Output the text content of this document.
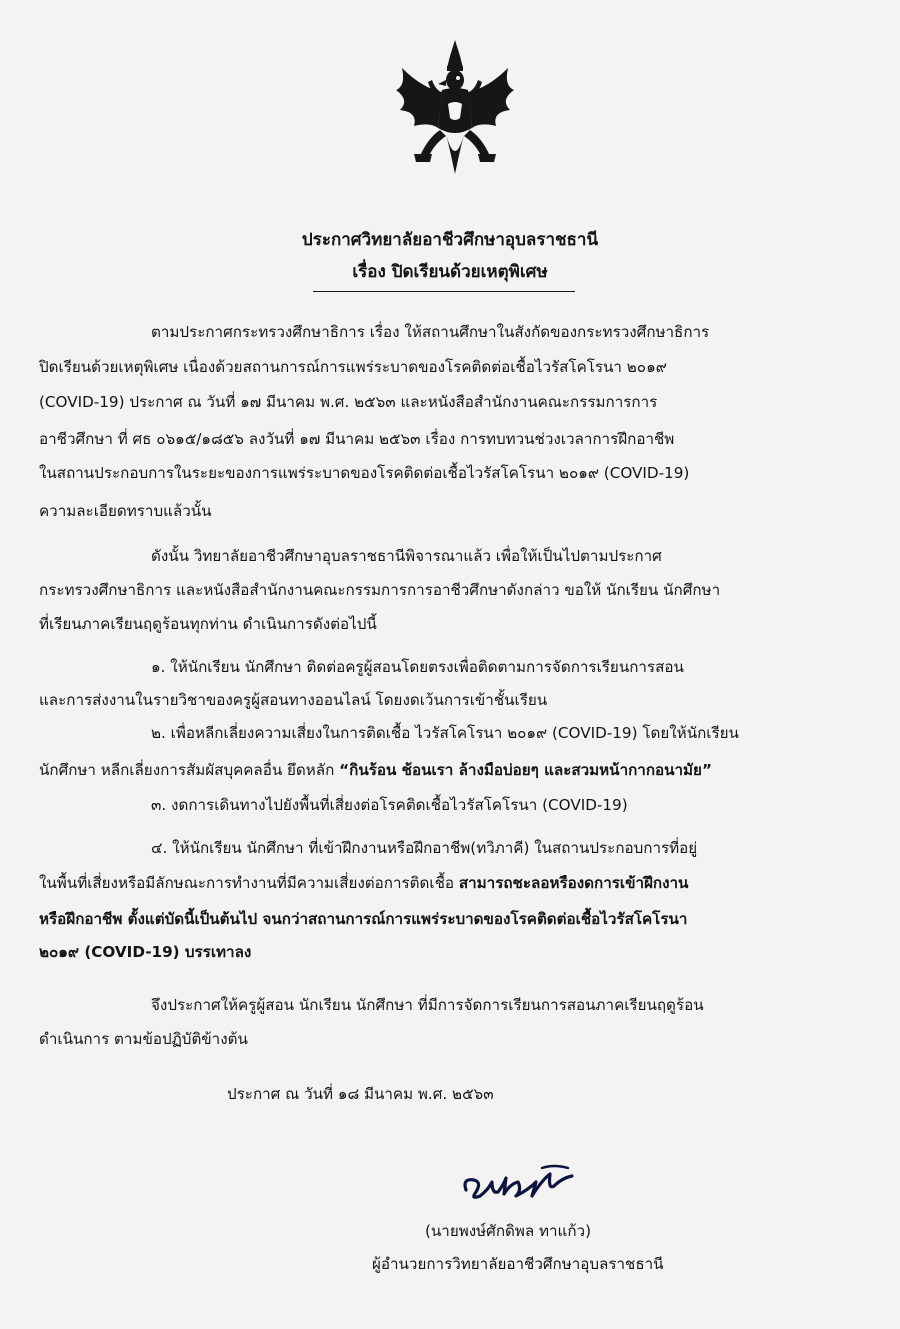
ประกาศวิทยาลัยอาชีวศึกษาอุบลราชธานี
เรื่อง ปิดเรียนด้วยเหตุพิเศษ
ตามประกาศกระทรวงศึกษาธิการ เรื่อง ให้สถานศึกษาในสังกัดของกระทรวงศึกษาธิการ
ปิดเรียนด้วยเหตุพิเศษ เนื่องด้วยสถานการณ์การแพร่ระบาดของโรคติดต่อเชื้อไวรัสโคโรนา ๒๐๑๙
(COVID-19) ประกาศ ณ วันที่ ๑๗ มีนาคม พ.ศ. ๒๕๖๓ และหนังสือสำนักงานคณะกรรมการการ
อาชีวศึกษา ที่ ศธ ๐๖๑๕/๑๘๕๖ ลงวันที่ ๑๗ มีนาคม ๒๕๖๓ เรื่อง การทบทวนช่วงเวลาการฝึกอาชีพ
ในสถานประกอบการในระยะของการแพร่ระบาดของโรคติดต่อเชื้อไวรัสโคโรนา ๒๐๑๙ (COVID-19)
ความละเอียดทราบแล้วนั้น
ดังนั้น วิทยาลัยอาชีวศึกษาอุบลราชธานีพิจารณาแล้ว เพื่อให้เป็นไปตามประกาศ
กระทรวงศึกษาธิการ และหนังสือสำนักงานคณะกรรมการการอาชีวศึกษาดังกล่าว ขอให้ นักเรียน นักศึกษา
ที่เรียนภาคเรียนฤดูร้อนทุกท่าน ดำเนินการดังต่อไปนี้
๑. ให้นักเรียน นักศึกษา ติดต่อครูผู้สอนโดยตรงเพื่อติดตามการจัดการเรียนการสอน
และการส่งงานในรายวิชาของครูผู้สอนทางออนไลน์ โดยงดเว้นการเข้าชั้นเรียน
๒. เพื่อหลีกเลี่ยงความเสี่ยงในการติดเชื้อ ไวรัสโคโรนา ๒๐๑๙ (COVID-19) โดยให้นักเรียน
นักศึกษา หลีกเลี่ยงการสัมผัสบุคคลอื่น ยึดหลัก “กินร้อน ช้อนเรา ล้างมือบ่อยๆ และสวมหน้ากากอนามัย”
๓. งดการเดินทางไปยังพื้นที่เสี่ยงต่อโรคติดเชื้อไวรัสโคโรนา (COVID-19)
๔. ให้นักเรียน นักศึกษา ที่เข้าฝึกงานหรือฝึกอาชีพ(ทวิภาคี) ในสถานประกอบการที่อยู่
ในพื้นที่เสี่ยงหรือมีลักษณะการทำงานที่มีความเสี่ยงต่อการติดเชื้อ สามารถชะลอหรืองดการเข้าฝึกงาน
หรือฝึกอาชีพ ตั้งแต่บัดนี้เป็นต้นไป จนกว่าสถานการณ์การแพร่ระบาดของโรคติดต่อเชื้อไวรัสโคโรนา
๒๐๑๙ (COVID-19) บรรเทาลง
จึงประกาศให้ครูผู้สอน นักเรียน นักศึกษา ที่มีการจัดการเรียนการสอนภาคเรียนฤดูร้อน
ดำเนินการ ตามข้อปฏิบัติข้างต้น
ประกาศ ณ วันที่ ๑๘ มีนาคม พ.ศ. ๒๕๖๓
(นายพงษ์ศักดิพล ทาแก้ว)
ผู้อำนวยการวิทยาลัยอาชีวศึกษาอุบลราชธานี
